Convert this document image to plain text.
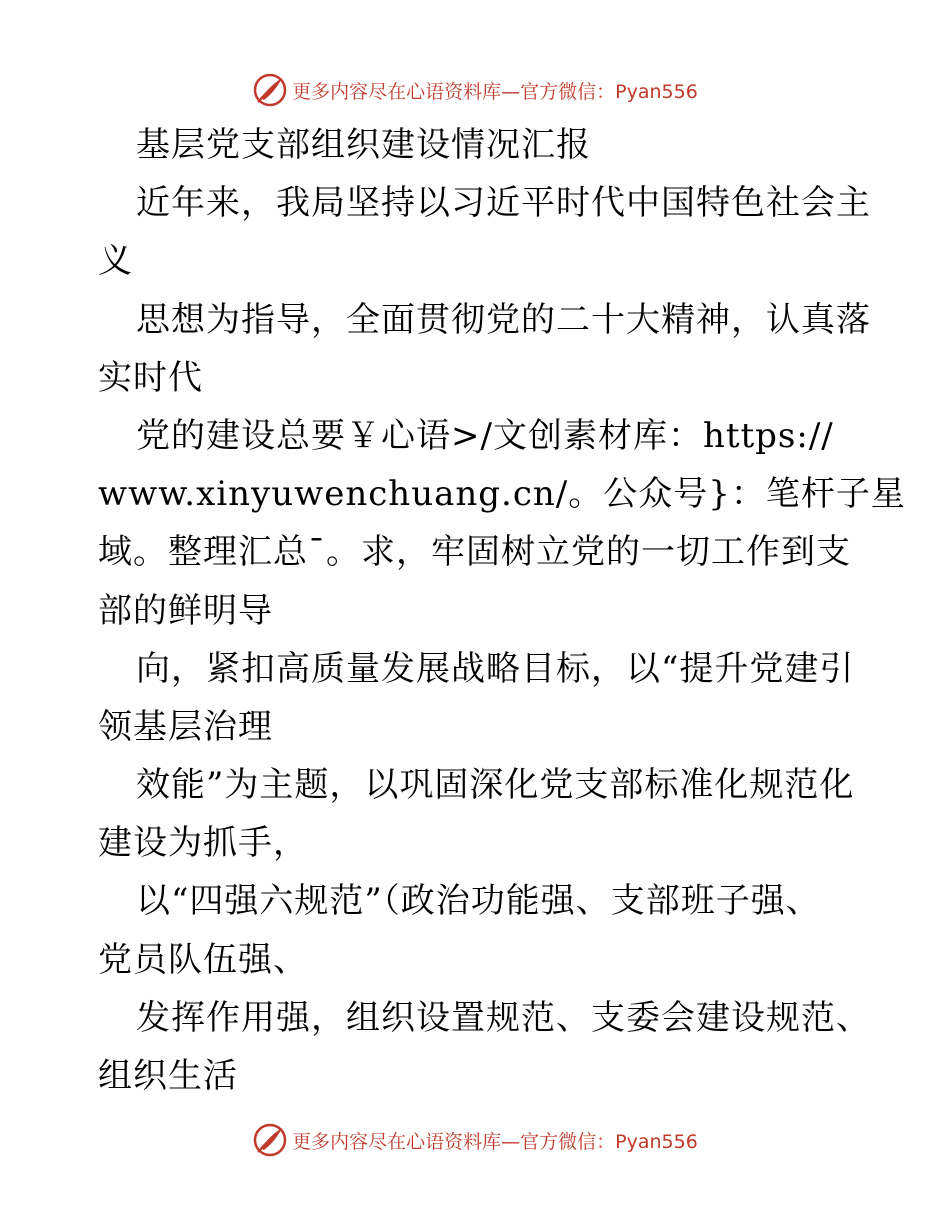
更多内容尽在心语资料库—官方微信：Pyan556
基层党支部组织建设情况汇报
近年来，我局坚持以习近平时代中国特色社会主
义
思想为指导，全面贯彻党的二十大精神，认真落
实时代
党的建设总要￥心语>/文创素材库：https://
www.xinyuwenchuang.cn/。公众号}：笔杆子星
域。整理汇总¯。求，牢固树立党的一切工作到支
部的鲜明导
向，紧扣高质量发展战略目标，以“提升党建引
领基层治理
效能”为主题，以巩固深化党支部标准化规范化
建设为抓手，
以“四强六规范”（政治功能强、支部班子强、
党员队伍强、
发挥作用强，组织设置规范、支委会建设规范、
组织生活
更多内容尽在心语资料库—官方微信：Pyan556
